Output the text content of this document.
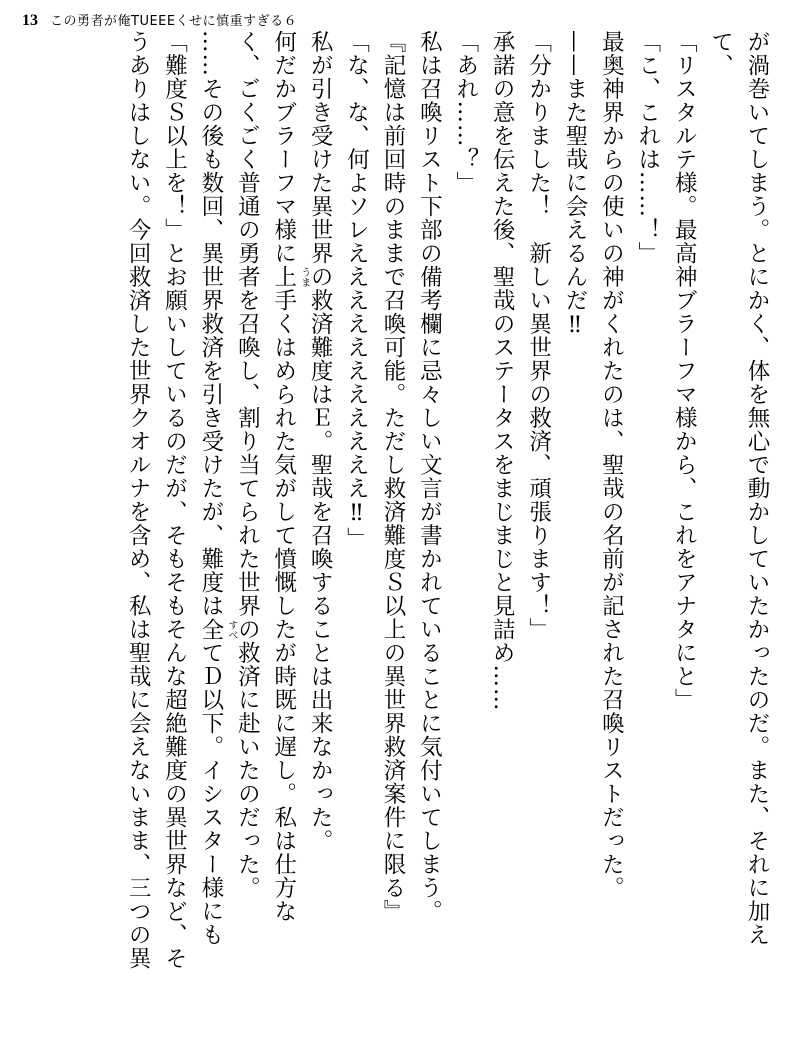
13 この勇者が俺TUEEEくせに慎重すぎる６
が渦巻いてしまう。とにかく、体を無心で動かしていたかったのだ。また、それに加え
て、
「リスタルテ様。最高神ブラーフマ様から、これをアナタにと」
「こ、これは……！」
最奥神界からの使いの神がくれたのは、聖哉の名前が記された召喚リストだった。
——また聖哉に会えるんだ‼
「分かりました！　新しい異世界の救済、頑張ります！」
承諾の意を伝えた後、聖哉のステータスをまじまじと見詰め……
「あれ……？」
私は召喚リスト下部の備考欄に忌々しい文言が書かれていることに気付いてしまう。
『記憶は前回時のままで召喚可能。ただし救済難度Ｓ以上の異世界救済案件に限る』
「な、な、何よソレえええええええええええ‼」
私が引き受けた異世界の救済難度はＥ。聖哉を召喚することは出来なかった。
何だかブラーフマ様に上 うま
手くはめられた気がして憤慨したが時既に遅し。私は仕方な
く、ごくごく普通の勇者を召喚し、割り当てられた世界の救済に赴いたのだった。
……その後も数回、異世界救済を引き受けたが、難度は全 すべ
てＤ以下。イシスター様にも
「難度Ｓ以上を！」とお願いしているのだが、そもそもそんな超絶難度の異世界など、そ
うありはしない。今回救済した世界クオルナを含め、私は聖哉に会えないまま、三つの異
